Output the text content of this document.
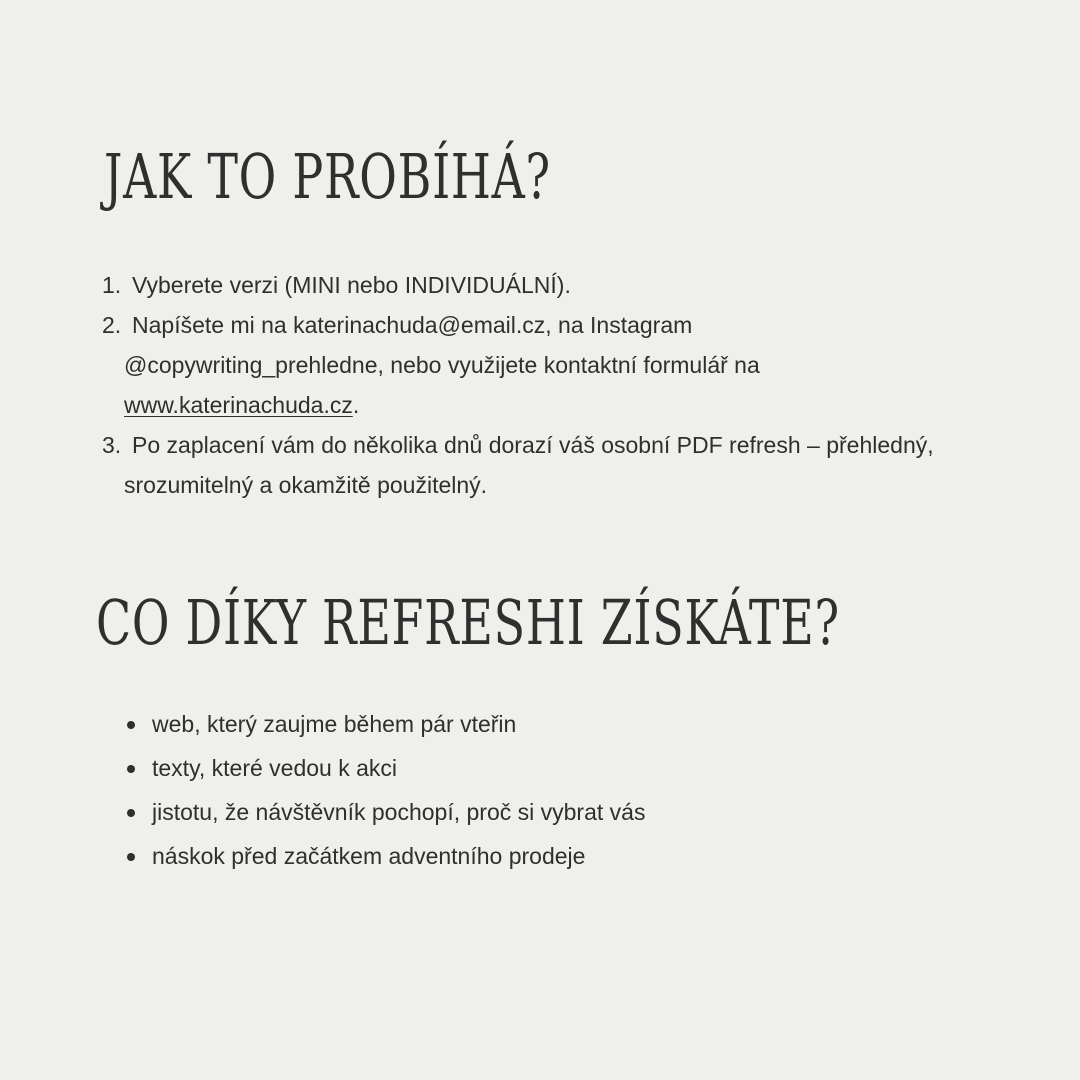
JAK TO PROBÍHÁ?
1. Vyberete verzi (MINI nebo INDIVIDUÁLNÍ).
2. Napíšete mi na katerinachuda@email.cz, na Instagram
@copywriting_prehledne, nebo využijete kontaktní formulář na
www.katerinachuda.cz.
3. Po zaplacení vám do několika dnů dorazí váš osobní PDF refresh – přehledný,
srozumitelný a okamžitě použitelný.
CO DÍKY REFRESHI ZÍSKÁTE?
web, který zaujme během pár vteřin
texty, které vedou k akci
jistotu, že návštěvník pochopí, proč si vybrat vás
náskok před začátkem adventního prodeje
